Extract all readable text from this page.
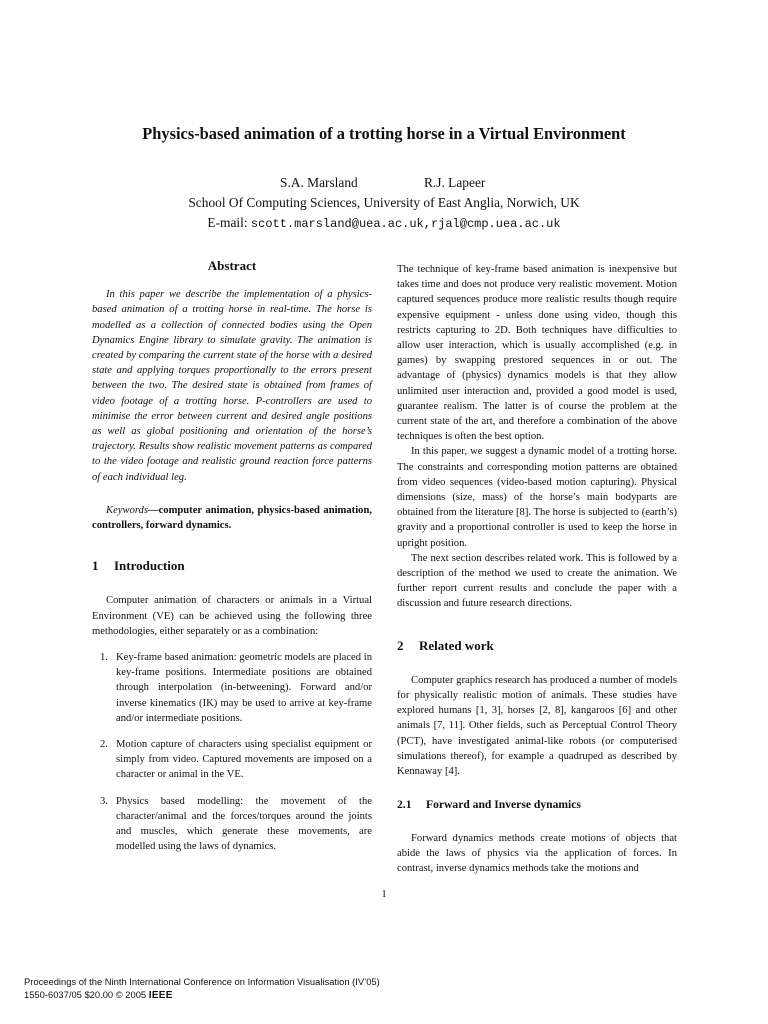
Physics-based animation of a trotting horse in a Virtual Environment
S.A. Marsland	R.J. Lapeer
School Of Computing Sciences, University of East Anglia, Norwich, UK
E-mail: scott.marsland@uea.ac.uk,rjal@cmp.uea.ac.uk
Abstract

In this paper we describe the implementation of a physics-based animation of a trotting horse in real-time. The horse is modelled as a collection of connected bodies using the Open Dynamics Engine library to simulate gravity. The animation is created by comparing the current state of the horse with a desired state and applying torques proportionally to the errors present between the two. The desired state is obtained from frames of video footage of a trotting horse. P-controllers are used to minimise the error between current and desired angle positions as well as global positioning and orientation of the horse’s trajectory. Results show realistic movement patterns as compared to the video footage and realistic ground reaction force patterns of each individual leg.

Keywords—computer animation, physics-based animation, controllers, forward dynamics.

1 Introduction

Computer animation of characters or animals in a Virtual Environment (VE) can be achieved using the following three methodologies, either separately or as a combination:

1. Key-frame based animation: geometric models are placed in key-frame positions. Intermediate positions are obtained through interpolation (in-betweening). Forward and/or inverse kinematics (IK) may be used to arrive at key-frame and/or intermediate positions.
2. Motion capture of characters using specialist equipment or simply from video. Captured movements are imposed on a character or animal in the VE.
3. Physics based modelling: the movement of the character/animal and the forces/torques around the joints and muscles, which generate these movements, are modelled using the laws of dynamics.

The technique of key-frame based animation is inexpensive but takes time and does not produce very realistic movement. Motion captured sequences produce more realistic results though require expensive equipment - unless done using video, though this restricts capturing to 2D. Both techniques have difficulties to allow user interaction, which is usually accomplished (e.g. in games) by swapping prestored sequences in or out. The advantage of (physics) dynamics models is that they allow unlimited user interaction and, provided a good model is used, guarantee realism. The latter is of course the problem at the current state of the art, and therefore a combination of the above techniques is often the best option.

In this paper, we suggest a dynamic model of a trotting horse. The constraints and corresponding motion patterns are obtained from video sequences (video-based motion capturing). Physical dimensions (size, mass) of the horse’s main bodyparts are obtained from the literature [8]. The horse is subjected to (earth’s) gravity and a proportional controller is used to keep the horse in upright position.

The next section describes related work. This is followed by a description of the method we used to create the animation. We further report current results and conclude the paper with a discussion and future research directions.

2 Related work

Computer graphics research has produced a number of models for physically realistic motion of animals. These studies have explored humans [1, 3], horses [2, 8], kangaroos [6] and other animals [7, 11]. Other fields, such as Perceptual Control Theory (PCT), have investigated animal-like robots (or computerised simulations thereof), for example a quadruped as described by Kennaway [4].

2.1 Forward and Inverse dynamics

Forward dynamics methods create motions of objects that abide the laws of physics via the application of forces. In contrast, inverse dynamics methods take the motions and

1
Proceedings of the Ninth International Conference on Information Visualisation (IV’05)
1550-6037/05 $20.00 © 2005 IEEE
